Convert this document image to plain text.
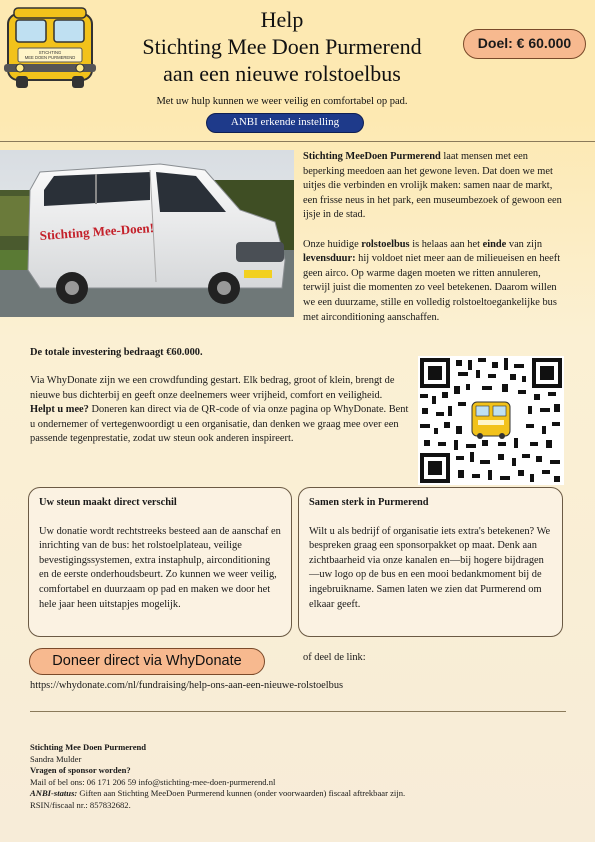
STICHTING
MEE DOEN PURMEREND
Help
Stichting Mee Doen Purmerend
aan een nieuwe rolstoelbus
Doel: € 60.000
Met uw hulp kunnen we weer veilig en comfortabel op pad.
ANBI erkende instelling
Stichting Mee-Doen!

Stichting MeeDoen Purmerend laat mensen met een beperking meedoen aan het gewone leven. Dat doen we met uitjes die verbinden en vrolijk maken: samen naar de markt, een frisse neus in het park, een museumbezoek of gewoon een ijsje in de stad.

Onze huidige rolstoelbus is helaas aan het einde van zijn levensduur: hij voldoet niet meer aan de milieueisen en heeft geen airco. Op warme dagen moeten we ritten annuleren, terwijl juist die momenten zo veel betekenen. Daarom willen we een duurzame, stille en volledig rolstoeltoegankelijke bus met airconditioning aanschaffen.

De totale investering bedraagt €60.000.
Via WhyDonate zijn we een crowdfunding gestart. Elk bedrag, groot of klein, brengt de nieuwe bus dichterbij en geeft onze deelnemers weer vrijheid, comfort en veiligheid.
Helpt u mee? Doneren kan direct via de QR-code of via onze pagina op WhyDonate. Bent u ondernemer of vertegenwoordigt u een organisatie, dan denken we graag mee over een passende tegenprestatie, zodat uw steun ook anderen inspireert.
Uw steun maakt direct verschil
Uw donatie wordt rechtstreeks besteed aan de aanschaf en inrichting van de bus: het rolstoelplateau, veilige bevestigingssystemen, extra instaphulp, airconditioning en de eerste onderhoudsbeurt. Zo kunnen we weer veilig, comfortabel en duurzaam op pad en maken we door het hele jaar heen uitstapjes mogelijk.
Samen sterk in Purmerend
Wilt u als bedrijf of organisatie iets extra's betekenen? We bespreken graag een sponsorpakket op maat. Denk aan zichtbaarheid via onze kanalen en—bij hogere bijdragen—uw logo op de bus en een mooi bedankmoment bij de ingebruikname. Samen laten we zien dat Purmerend om elkaar geeft.
Doneer direct via WhyDonate	of deel de link:
https://whydonate.com/nl/fundraising/help-ons-aan-een-nieuwe-rolstoelbus
Stichting Mee Doen Purmerend
Sandra Mulder
Vragen of sponsor worden?
Mail of bel ons: 06 171 206 59 info@stichting-mee-doen-purmerend.nl
ANBI-status: Giften aan Stichting MeeDoen Purmerend kunnen (onder voorwaarden) fiscaal aftrekbaar zijn.
RSIN/fiscaal nr.: 857832682.
